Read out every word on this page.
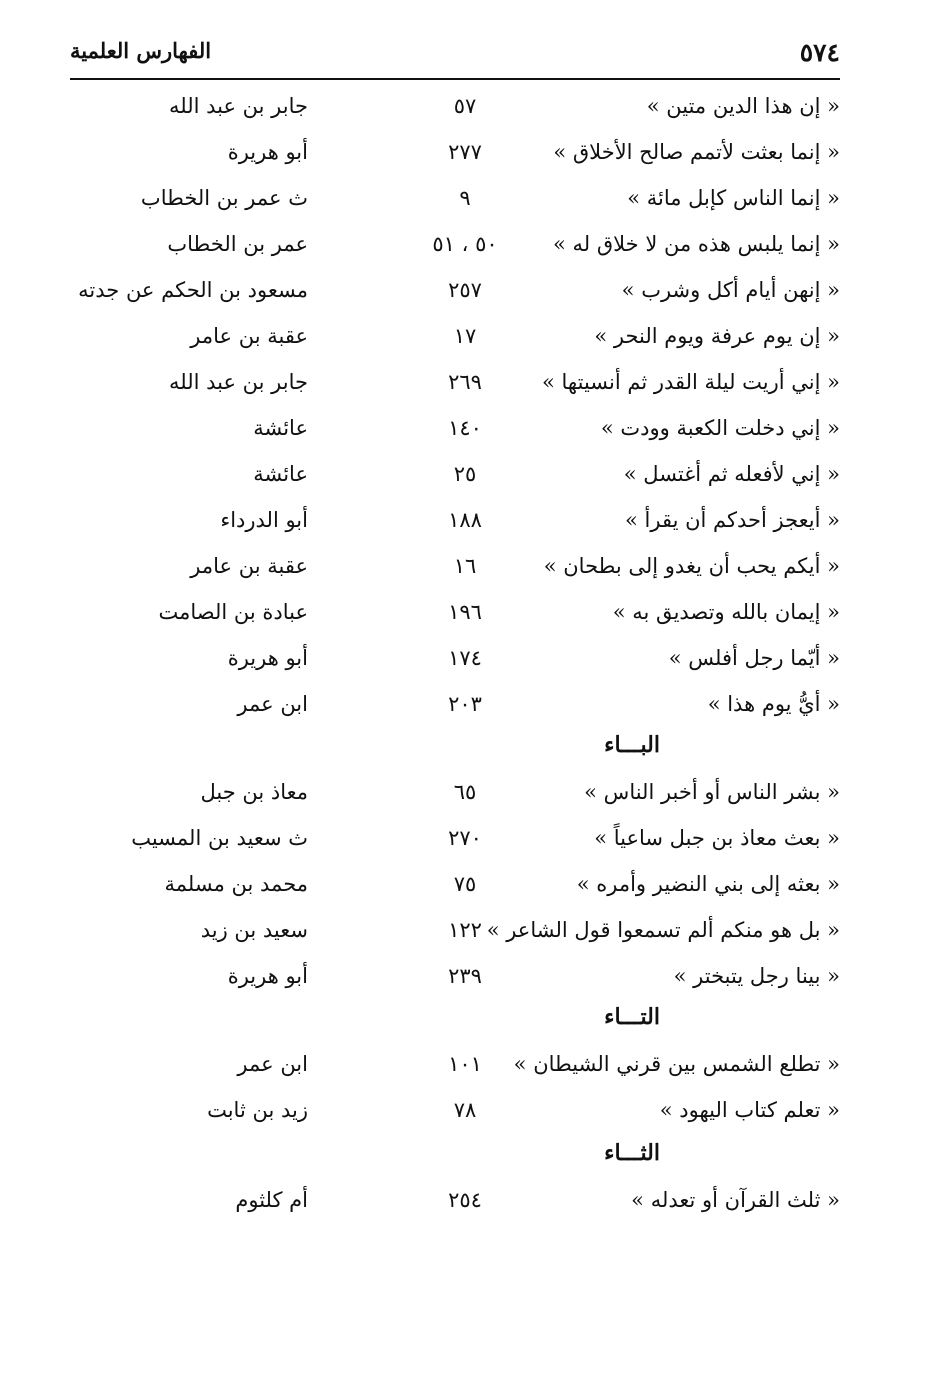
٥٧٤
الفهارس العلمية
« إن هذا الدين متين »
٥٧
جابر بن عبد الله
« إنما بعثت لأتمم صالح الأخلاق »
٢٧٧
أبو هريرة
« إنما الناس كإبل مائة »
٩
ث عمر بن الخطاب
« إنما يلبس هذه من لا خلاق له »
٥٠ ، ٥١
عمر بن الخطاب
« إنهن أيام أكل وشرب »
٢٥٧
مسعود بن الحكم عن جدته
« إن يوم عرفة ويوم النحر »
١٧
عقبة بن عامر
« إني أريت ليلة القدر ثم أنسيتها »
٢٦٩
جابر بن عبد الله
« إني دخلت الكعبة وودت »
١٤٠
عائشة
« إني لأفعله ثم أغتسل »
٢٥
عائشة
« أيعجز أحدكم أن يقرأ »
١٨٨
أبو الدرداء
« أيكم يحب أن يغدو إلى بطحان »
١٦
عقبة بن عامر
« إيمان بالله وتصديق به »
١٩٦
عبادة بن الصامت
« أيّما رجل أفلس »
١٧٤
أبو هريرة
« أيُّ يوم هذا »
٢٠٣
ابن عمر
البـــاء
« بشر الناس أو أخبر الناس »
٦٥
معاذ بن جبل
« بعث معاذ بن جبل ساعياً »
٢٧٠
ث سعيد بن المسيب
« بعثه إلى بني النضير وأمره »
٧٥
محمد بن مسلمة
« بل هو منكم ألم تسمعوا قول الشاعر »
١٢٢
سعيد بن زيد
« بينا رجل يتبختر »
٢٣٩
أبو هريرة
التـــاء
« تطلع الشمس بين قرني الشيطان »
١٠١
ابن عمر
« تعلم كتاب اليهود »
٧٨
زيد بن ثابت
الثـــاء
« ثلث القرآن أو تعدله »
٢٥٤
أم كلثوم
